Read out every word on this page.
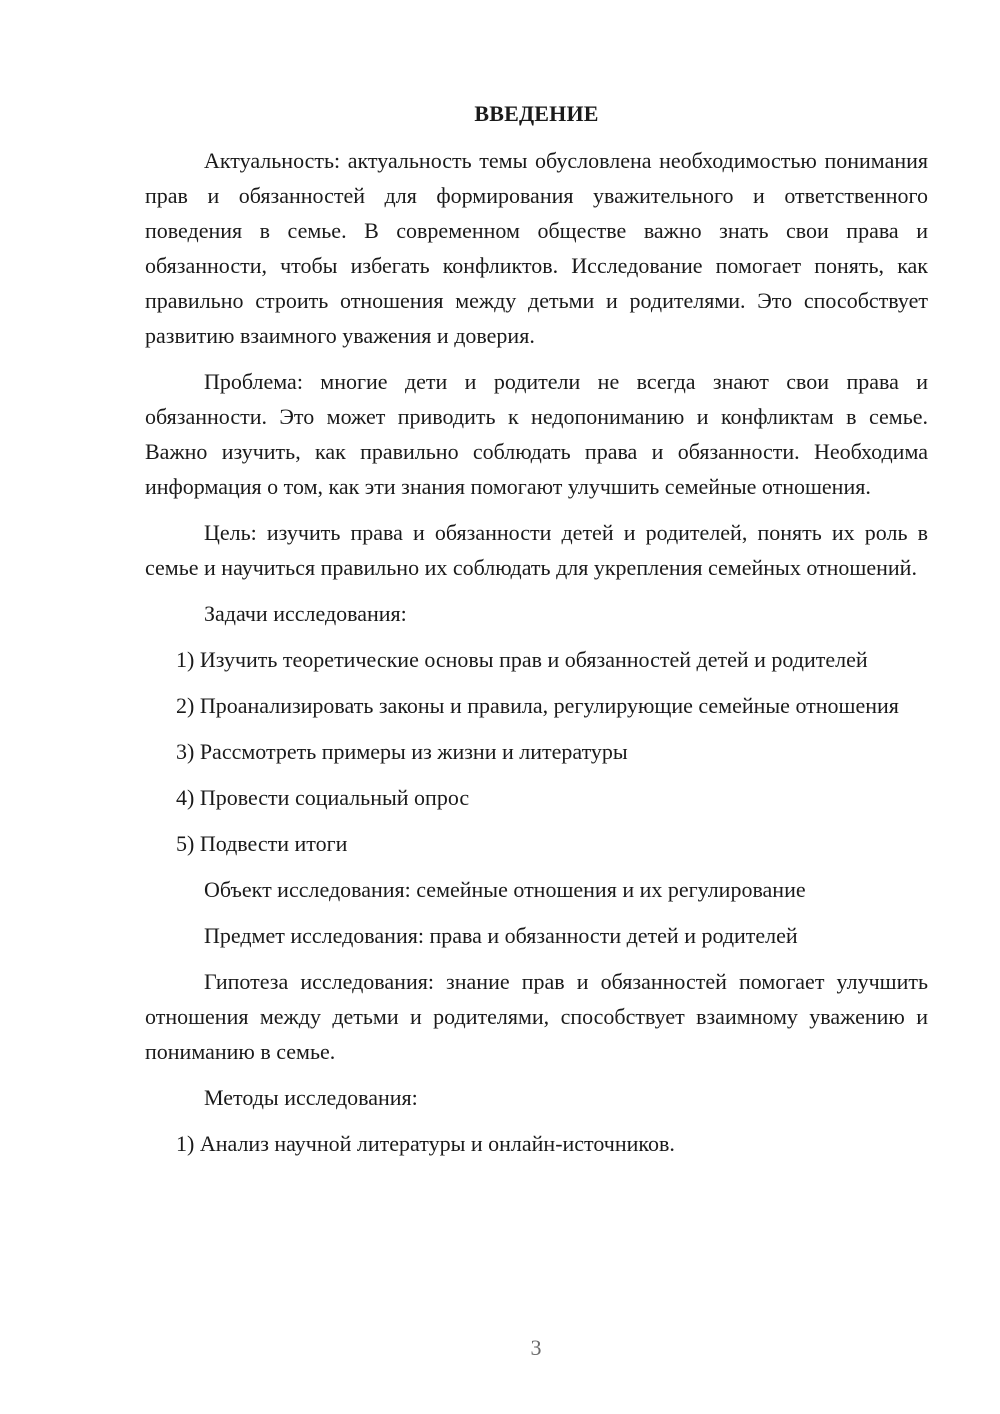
ВВЕДЕНИЕ

Актуальность: актуальность темы обусловлена необходимостью понимания прав и обязанностей для формирования уважительного и ответственного поведения в семье. В современном обществе важно знать свои права и обязанности, чтобы избегать конфликтов. Исследование помогает понять, как правильно строить отношения между детьми и родителями. Это способствует развитию взаимного уважения и доверия.

Проблема: многие дети и родители не всегда знают свои права и обязанности. Это может приводить к недопониманию и конфликтам в семье. Важно изучить, как правильно соблюдать права и обязанности. Необходима информация о том, как эти знания помогают улучшить семейные отношения.

Цель: изучить права и обязанности детей и родителей, понять их роль в семье и научиться правильно их соблюдать для укрепления семейных отношений.

Задачи исследования:

1) Изучить теоретические основы прав и обязанностей детей и родителей

2) Проанализировать законы и правила, регулирующие семейные отношения

3) Рассмотреть примеры из жизни и литературы

4) Провести социальный опрос

5) Подвести итоги

Объект исследования: семейные отношения и их регулирование

Предмет исследования: права и обязанности детей и родителей

Гипотеза исследования: знание прав и обязанностей помогает улучшить отношения между детьми и родителями, способствует взаимному уважению и пониманию в семье.

Методы исследования:

1) Анализ научной литературы и онлайн-источников.

3
